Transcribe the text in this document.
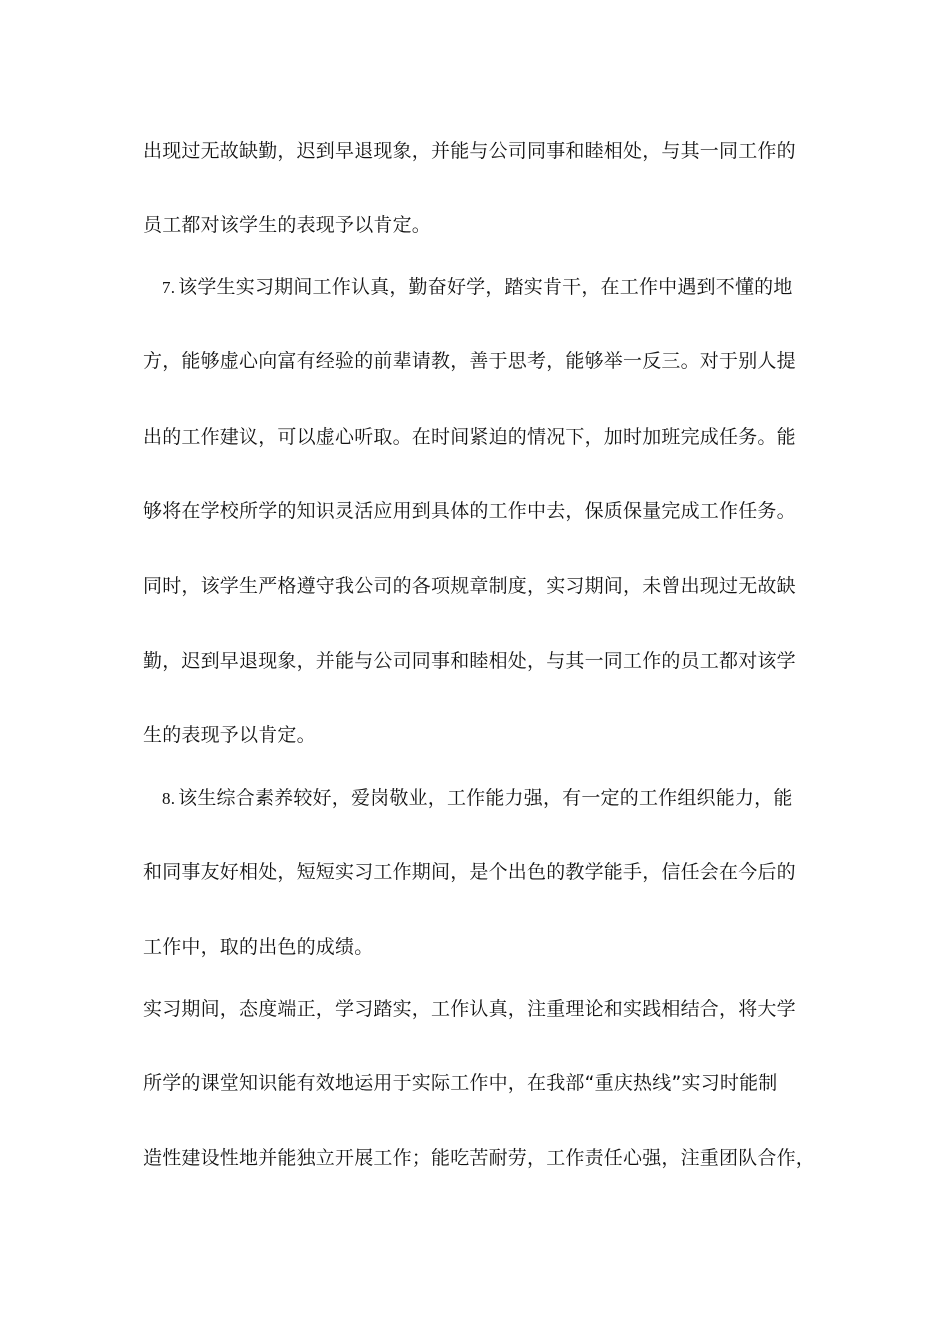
出现过无故缺勤，迟到早退现象，并能与公司同事和睦相处，与其一同工作的
员工都对该学生的表现予以肯定。
7. 该学生实习期间工作认真，勤奋好学，踏实肯干，在工作中遇到不懂的地
方，能够虚心向富有经验的前辈请教，善于思考，能够举一反三。对于别人提
出的工作建议，可以虚心听取。在时间紧迫的情况下，加时加班完成任务。能
够将在学校所学的知识灵活应用到具体的工作中去，保质保量完成工作任务。
同时，该学生严格遵守我公司的各项规章制度，实习期间，未曾出现过无故缺
勤，迟到早退现象，并能与公司同事和睦相处，与其一同工作的员工都对该学
生的表现予以肯定。
8. 该生综合素养较好，爱岗敬业，工作能力强，有一定的工作组织能力，能
和同事友好相处，短短实习工作期间，是个出色的教学能手，信任会在今后的
工作中，取的出色的成绩。
实习期间，态度端正，学习踏实，工作认真，注重理论和实践相结合，将大学
所学的课堂知识能有效地运用于实际工作中，在我部“重庆热线”实习时能制
造性建设性地并能独立开展工作；能吃苦耐劳，工作责任心强，注重团队合作，
